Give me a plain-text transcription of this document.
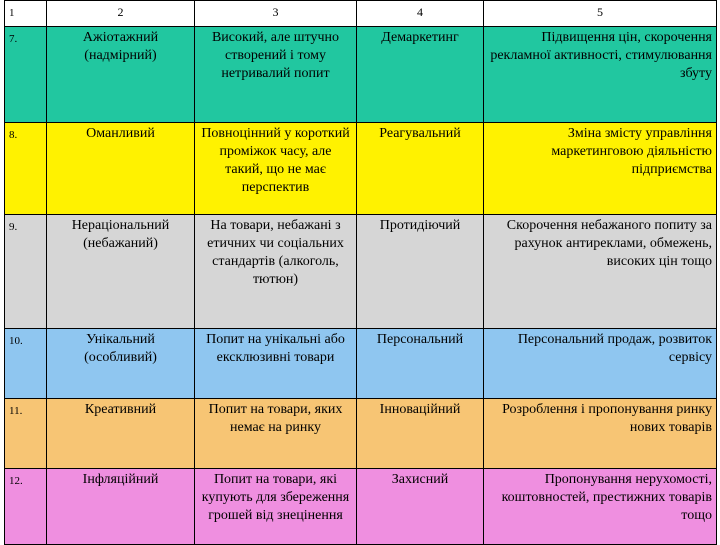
1	2	3	4	5
7.	Ажіотажний (надмірний)	Високий, але штучно створений і тому нетривалий попит	Демаркетинг	Підвищення цін, скорочення рекламної активності, стимулювання збуту
8.	Оманливий	Повноцінний у короткий проміжок часу, але такий, що не має перспектив	Реагувальний	Зміна змісту управління маркетинговою діяльністю підприємства
9.	Нераціональний (небажаний)	На товари, небажані з етичних чи соціальних стандартів (алкоголь, тютюн)	Протидіючий	Скорочення небажаного попиту за рахунок антиреклами, обмежень, високих цін тощо
10.	Унікальний (особливий)	Попит на унікальні або ексклюзивні товари	Персональний	Персональний продаж, розвиток сервісу
11.	Креативний	Попит на товари, яких немає на ринку	Інноваційний	Розроблення і пропонування ринку нових товарів
12.	Інфляційний	Попит на товари, які купують для збереження грошей від знецінення	Захисний	Пропонування нерухомості, коштовностей, престижних товарів тощо
